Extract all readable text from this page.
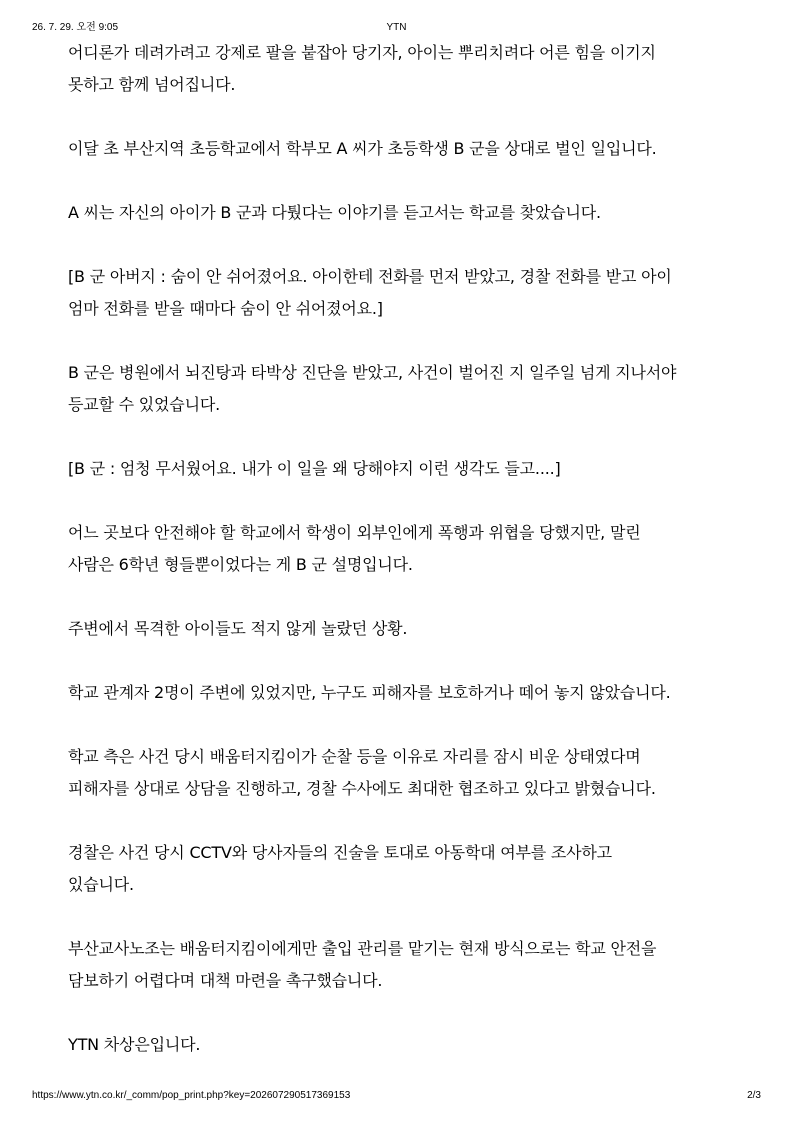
26. 7. 29. 오전 9:05	YTN

어디론가 데려가려고 강제로 팔을 붙잡아 당기자, 아이는 뿌리치려다 어른 힘을 이기지 못하고 함께 넘어집니다.

이달 초 부산지역 초등학교에서 학부모 A 씨가 초등학생 B 군을 상대로 벌인 일입니다.

A 씨는 자신의 아이가 B 군과 다퉜다는 이야기를 듣고서는 학교를 찾았습니다.

[B 군 아버지 : 숨이 안 쉬어졌어요. 아이한테 전화를 먼저 받았고, 경찰 전화를 받고 아이 엄마 전화를 받을 때마다 숨이 안 쉬어졌어요.]

B 군은 병원에서 뇌진탕과 타박상 진단을 받았고, 사건이 벌어진 지 일주일 넘게 지나서야 등교할 수 있었습니다.

[B 군 : 엄청 무서웠어요. 내가 이 일을 왜 당해야지 이런 생각도 들고....]

어느 곳보다 안전해야 할 학교에서 학생이 외부인에게 폭행과 위협을 당했지만, 말린 사람은 6학년 형들뿐이었다는 게 B 군 설명입니다.

주변에서 목격한 아이들도 적지 않게 놀랐던 상황.

학교 관계자 2명이 주변에 있었지만, 누구도 피해자를 보호하거나 떼어 놓지 않았습니다.

학교 측은 사건 당시 배움터지킴이가 순찰 등을 이유로 자리를 잠시 비운 상태였다며 피해자를 상대로 상담을 진행하고, 경찰 수사에도 최대한 협조하고 있다고 밝혔습니다.

경찰은 사건 당시 CCTV와 당사자들의 진술을 토대로 아동학대 여부를 조사하고 있습니다.

부산교사노조는 배움터지킴이에게만 출입 관리를 맡기는 현재 방식으로는 학교 안전을 담보하기 어렵다며 대책 마련을 촉구했습니다.

YTN 차상은입니다.

https://www.ytn.co.kr/_comm/pop_print.php?key=202607290517369153	2/3
